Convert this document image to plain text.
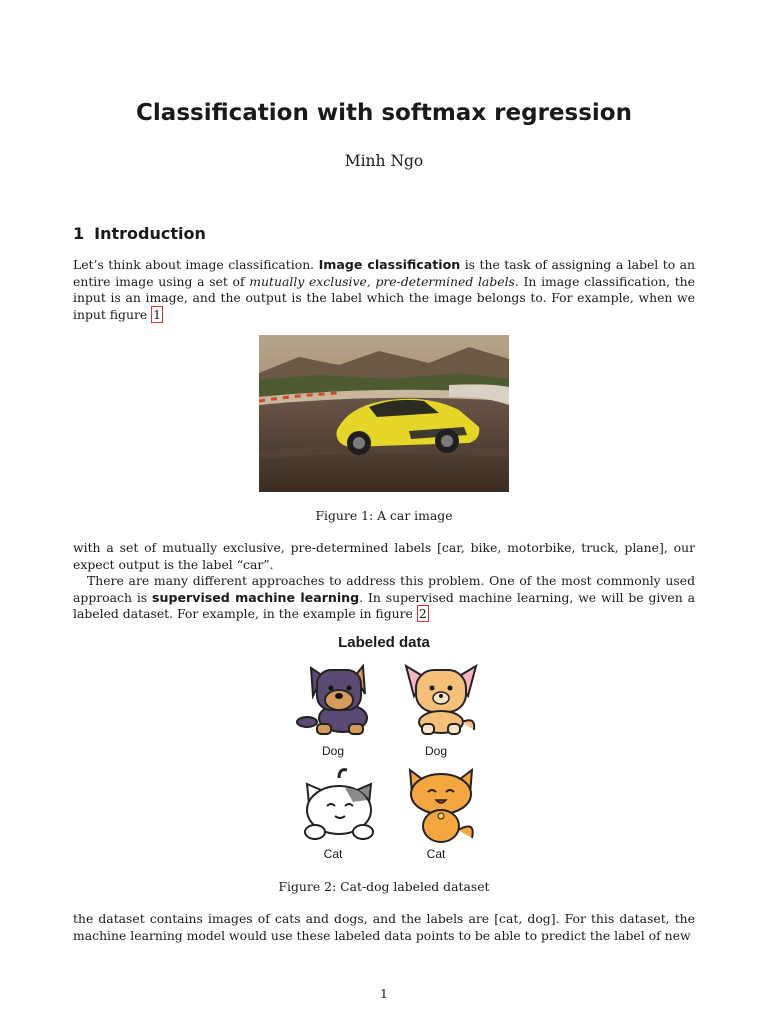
Classification with softmax regression
Minh Ngo
1 Introduction
Let’s think about image classification. Image classification is the task of assigning a label to an entire image using a set of mutually exclusive, pre-determined labels. In image classification, the input is an image, and the output is the label which the image belongs to. For example, when we input figure 1
Figure 1: A car image
with a set of mutually exclusive, pre-determined labels [car, bike, motorbike, truck, plane], our expect output is the label “car”.
There are many different approaches to address this problem. One of the most commonly used approach is supervised machine learning. In supervised machine learning, we will be given a labeled dataset. For example, in the example in figure 2
Labeled data
Dog	Dog
Cat	Cat
Figure 2: Cat-dog labeled dataset
the dataset contains images of cats and dogs, and the labels are [cat, dog]. For this dataset, the machine learning model would use these labeled data points to be able to predict the label of new
1
